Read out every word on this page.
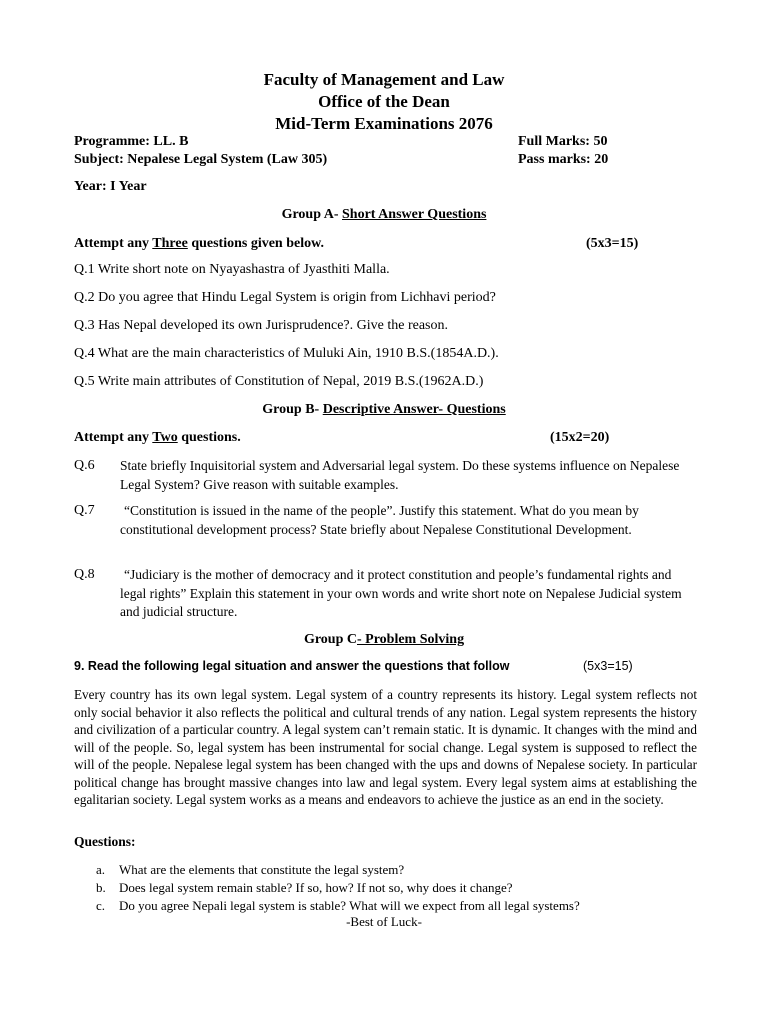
Faculty of Management and Law
Office of the Dean
Mid-Term Examinations 2076
Programme: LL. B	Full Marks: 50
Subject: Nepalese Legal System (Law 305)	Pass marks: 20
Year: I Year
Group A- Short Answer Questions
Attempt any Three questions given below.	(5x3=15)
Q.1 Write short note on Nyayashastra of Jyasthiti Malla.
Q.2 Do you agree that Hindu Legal System is origin from Lichhavi period?
Q.3 Has Nepal developed its own Jurisprudence?. Give the reason.
Q.4 What are the main characteristics of Muluki Ain, 1910 B.S.(1854A.D.).
Q.5 Write main attributes of Constitution of Nepal, 2019 B.S.(1962A.D.)
Group B- Descriptive Answer- Questions
Attempt any Two questions.	(15x2=20)
Q.6 State briefly Inquisitorial system and Adversarial legal system. Do these systems influence on Nepalese Legal System? Give reason with suitable examples.
Q.7 “Constitution is issued in the name of the people”. Justify this statement. What do you mean by constitutional development process? State briefly about Nepalese Constitutional Development.
Q.8 “Judiciary is the mother of democracy and it protect constitution and people’s fundamental rights and legal rights” Explain this statement in your own words and write short note on Nepalese Judicial system and judicial structure.
Group C- Problem Solving
9. Read the following legal situation and answer the questions that follow	(5x3=15)
Every country has its own legal system. Legal system of a country represents its history. Legal system reflects not only social behavior it also reflects the political and cultural trends of any nation. Legal system represents the history and civilization of a particular country. A legal system can’t remain static. It is dynamic. It changes with the mind and will of the people. So, legal system has been instrumental for social change. Legal system is supposed to reflect the will of the people. Nepalese legal system has been changed with the ups and downs of Nepalese society. In particular political change has brought massive changes into law and legal system. Every legal system aims at establishing the egalitarian society. Legal system works as a means and endeavors to achieve the justice as an end in the society.
Questions:
a. What are the elements that constitute the legal system?
b. Does legal system remain stable? If so, how? If not so, why does it change?
c. Do you agree Nepali legal system is stable? What will we expect from all legal systems?
-Best of Luck-
